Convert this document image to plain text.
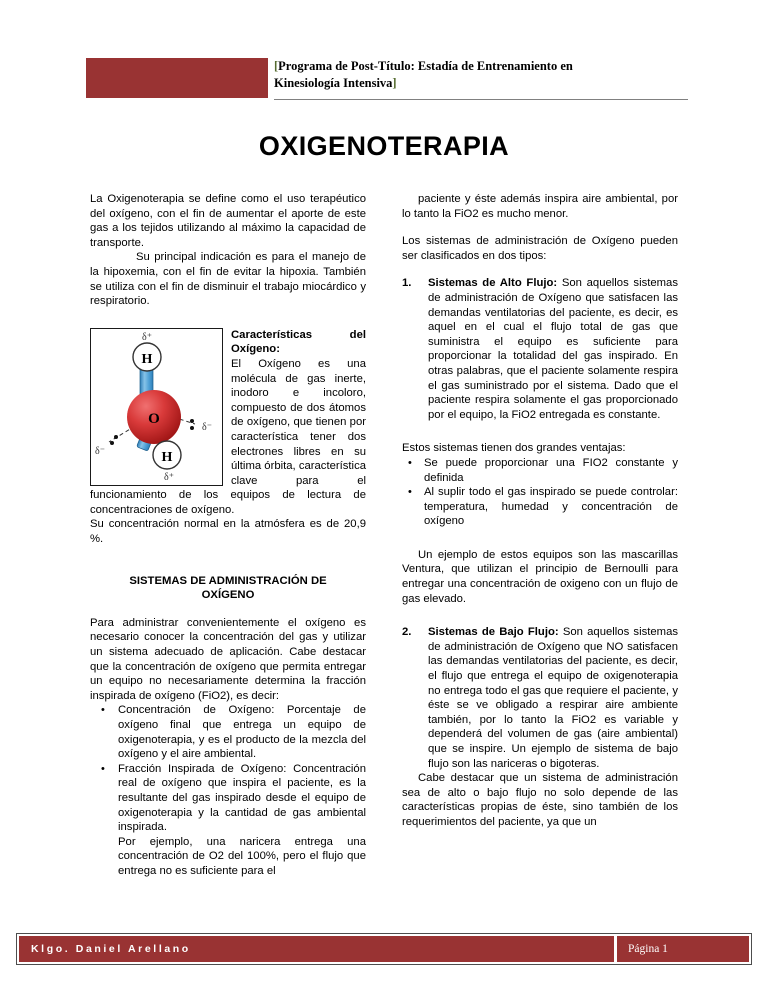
[Programa de Post-Título: Estadía de Entrenamiento en
Kinesiología Intensiva]
OXIGENOTERAPIA

La Oxigenoterapia se define como el uso terapéutico del oxígeno, con el fin de aumentar el aporte de este gas a los tejidos utilizando al máximo la capacidad de transporte.

Su principal indicación es para el manejo de la hipoxemia, con el fin de evitar la hipoxia. También se utiliza con el fin de disminuir el trabajo miocárdico y respiratorio.

O
H
H
δ⁺
δ⁺
δ⁻
δ⁻

Características del Oxígeno:

El Oxígeno es una molécula de gas inerte, inodoro e incoloro, compuesto de dos átomos de oxígeno, que tienen por característica tener dos electrones libres en su última órbita, característica clave para el funcionamiento de los equipos de lectura de concentraciones de oxígeno.

Su concentración normal en la atmósfera es de 20,9 %.

SISTEMAS DE ADMINISTRACIÓN DE
OXÍGENO

Para administrar convenientemente el oxígeno es necesario conocer la concentración del gas y utilizar un sistema adecuado de aplicación. Cabe destacar que la concentración de oxígeno que permita entregar un equipo no necesariamente determina la fracción inspirada de oxígeno (FiO2), es decir:

• Concentración de Oxígeno: Porcentaje de oxígeno final que entrega un equipo de oxigenoterapia, y es el producto de la mezcla del oxígeno y el aire ambiental.
• Fracción Inspirada de Oxígeno: Concentración real de oxígeno que inspira el paciente, es la resultante del gas inspirado desde el equipo de oxigenoterapia y la cantidad de gas ambiental inspirada.

Por ejemplo, una naricera entrega una concentración de O2 del 100%, pero el flujo que entrega no es suficiente para el

paciente y éste además inspira aire ambiental, por lo tanto la FiO2 es mucho menor.

Los sistemas de administración de Oxígeno pueden ser clasificados en dos tipos:

1. Sistemas de Alto Flujo: Son aquellos sistemas de administración de Oxígeno que satisfacen las demandas ventilatorias del paciente, es decir, es aquel en el cual el flujo total de gas que suministra el equipo es suficiente para proporcionar la totalidad del gas inspirado. En otras palabras, que el paciente solamente respira el gas suministrado por el sistema. Dado que el paciente respira solamente el gas proporcionado por el equipo, la FiO2 entregada es constante.

Estos sistemas tienen dos grandes ventajas:

• Se puede proporcionar una FIO2 constante y definida
• Al suplir todo el gas inspirado se puede controlar: temperatura, humedad y concentración de oxígeno

Un ejemplo de estos equipos son las mascarillas Ventura, que utilizan el principio de Bernoulli para entregar una concentración de oxigeno con un flujo de gas elevado.

2. Sistemas de Bajo Flujo: Son aquellos sistemas de administración de Oxígeno que NO satisfacen las demandas ventilatorias del paciente, es decir, el flujo que entrega el equipo de oxigenoterapia no entrega todo el gas que requiere el paciente, y éste se ve obligado a respirar aire ambiente también, por lo tanto la FiO2 es variable y dependerá del volumen de gas (aire ambiental) que se inspire. Un ejemplo de sistema de bajo flujo son las nariceras o bigoteras.

Cabe destacar que un sistema de administración sea de alto o bajo flujo no solo depende de las características propias de éste, sino también de los requerimientos del paciente, ya que un

Klgo. Daniel Arellano	Página 1
